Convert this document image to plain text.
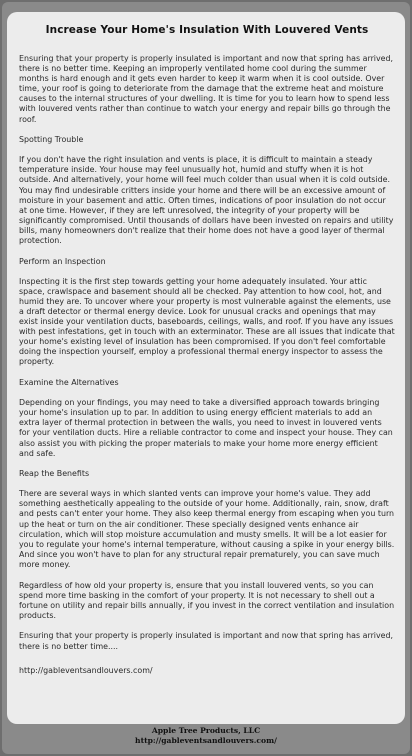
Increase Your Home's Insulation With Louvered Vents

Ensuring that your property is properly insulated is important and now that spring has arrived, there is no better time. Keeping an improperly ventilated home cool during the summer months is hard enough and it gets even harder to keep it warm when it is cool outside. Over time, your roof is going to deteriorate from the damage that the extreme heat and moisture causes to the internal structures of your dwelling. It is time for you to learn how to spend less with louvered vents rather than continue to watch your energy and repair bills go through the roof.

Spotting Trouble

If you don't have the right insulation and vents is place, it is difficult to maintain a steady temperature inside. Your house may feel unusually hot, humid and stuffy when it is hot outside. And alternatively, your home will feel much colder than usual when it is cold outside. You may find undesirable critters inside your home and there will be an excessive amount of moisture in your basement and attic. Often times, indications of poor insulation do not occur at one time. However, if they are left unresolved, the integrity of your property will be significantly compromised. Until thousands of dollars have been invested on repairs and utility bills, many homeowners don't realize that their home does not have a good layer of thermal protection.

Perform an Inspection

Inspecting it is the first step towards getting your home adequately insulated. Your attic space, crawlspace and basement should all be checked. Pay attention to how cool, hot, and humid they are. To uncover where your property is most vulnerable against the elements, use a draft detector or thermal energy device. Look for unusual cracks and openings that may exist inside your ventilation ducts, baseboards, ceilings, walls, and roof. If you have any issues with pest infestations, get in touch with an exterminator. These are all issues that indicate that your home's existing level of insulation has been compromised. If you don't feel comfortable doing the inspection yourself, employ a professional thermal energy inspector to assess the property.

Examine the Alternatives

Depending on your findings, you may need to take a diversified approach towards bringing your home's insulation up to par. In addition to using energy efficient materials to add an extra layer of thermal protection in between the walls, you need to invest in louvered vents for your ventilation ducts. Hire a reliable contractor to come and inspect your house. They can also assist you with picking the proper materials to make your home more energy efficient and safe.

Reap the Benefits

There are several ways in which slanted vents can improve your home's value. They add something aesthetically appealing to the outside of your home. Additionally, rain, snow, draft and pests can't enter your home. They also keep thermal energy from escaping when you turn up the heat or turn on the air conditioner. These specially designed vents enhance air circulation, which will stop moisture accumulation and musty smells. It will be a lot easier for you to regulate your home's internal temperature, without causing a spike in your energy bills. And since you won't have to plan for any structural repair prematurely, you can save much more money.

Regardless of how old your property is, ensure that you install louvered vents, so you can spend more time basking in the comfort of your property. It is not necessary to shell out a fortune on utility and repair bills annually, if you invest in the correct ventilation and insulation products.

Ensuring that your property is properly insulated is important and now that spring has arrived, there is no better time....

http://gableventsandlouvers.com/
Apple Tree Products, LLC
http://gableventsandlouvers.com/
